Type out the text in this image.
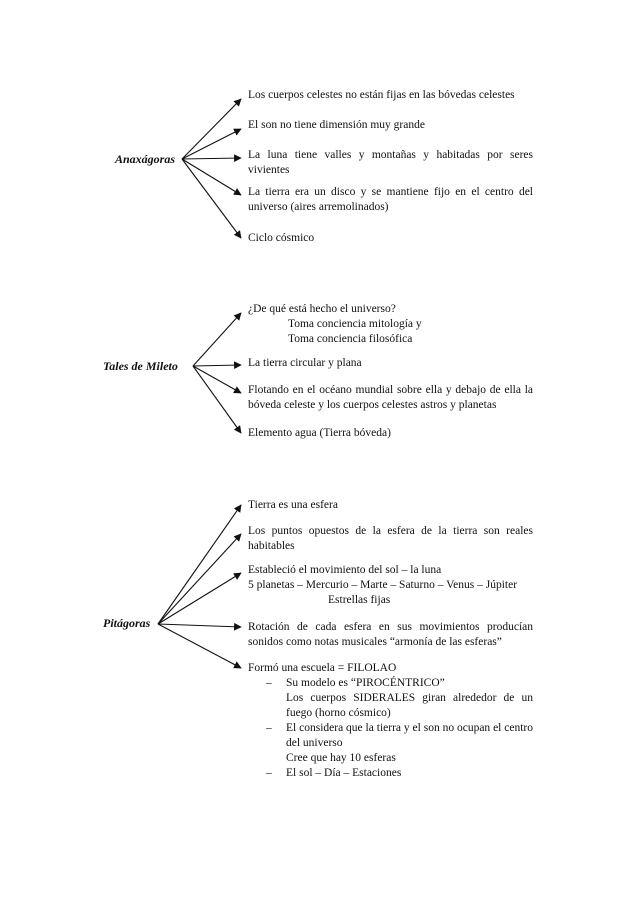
Anaxágoras
Los cuerpos celestes no están fijas en las bóvedas celestes
El son no tiene dimensión muy grande
La luna tiene valles y montañas y habitadas por seres vivientes
La tierra era un disco y se mantiene fijo en el centro del universo (aires arremolinados)
Ciclo cósmico
Tales de Mileto
¿De qué está hecho el universo?
Toma conciencia mitología y
Toma conciencia filosófica
La tierra circular y plana
Flotando en el océano mundial sobre ella y debajo de ella la bóveda celeste y los cuerpos celestes astros y planetas
Elemento agua (Tierra bóveda)
Pitágoras
Tierra es una esfera
Los puntos opuestos de la esfera de la tierra son reales habitables
Estableció el movimiento del sol – la luna
5 planetas – Mercurio – Marte – Saturno – Venus – Júpiter
Estrellas fijas
Rotación de cada esfera en sus movimientos producían sonidos como notas musicales “armonía de las esferas”
Formó una escuela = FILOLAO
– Su modelo es “PIROCÉNTRICO”
Los cuerpos SIDERALES giran alrededor de un fuego (horno cósmico)
– El considera que la tierra y el son no ocupan el centro del universo
Cree que hay 10 esferas
– El sol – Día – Estaciones
